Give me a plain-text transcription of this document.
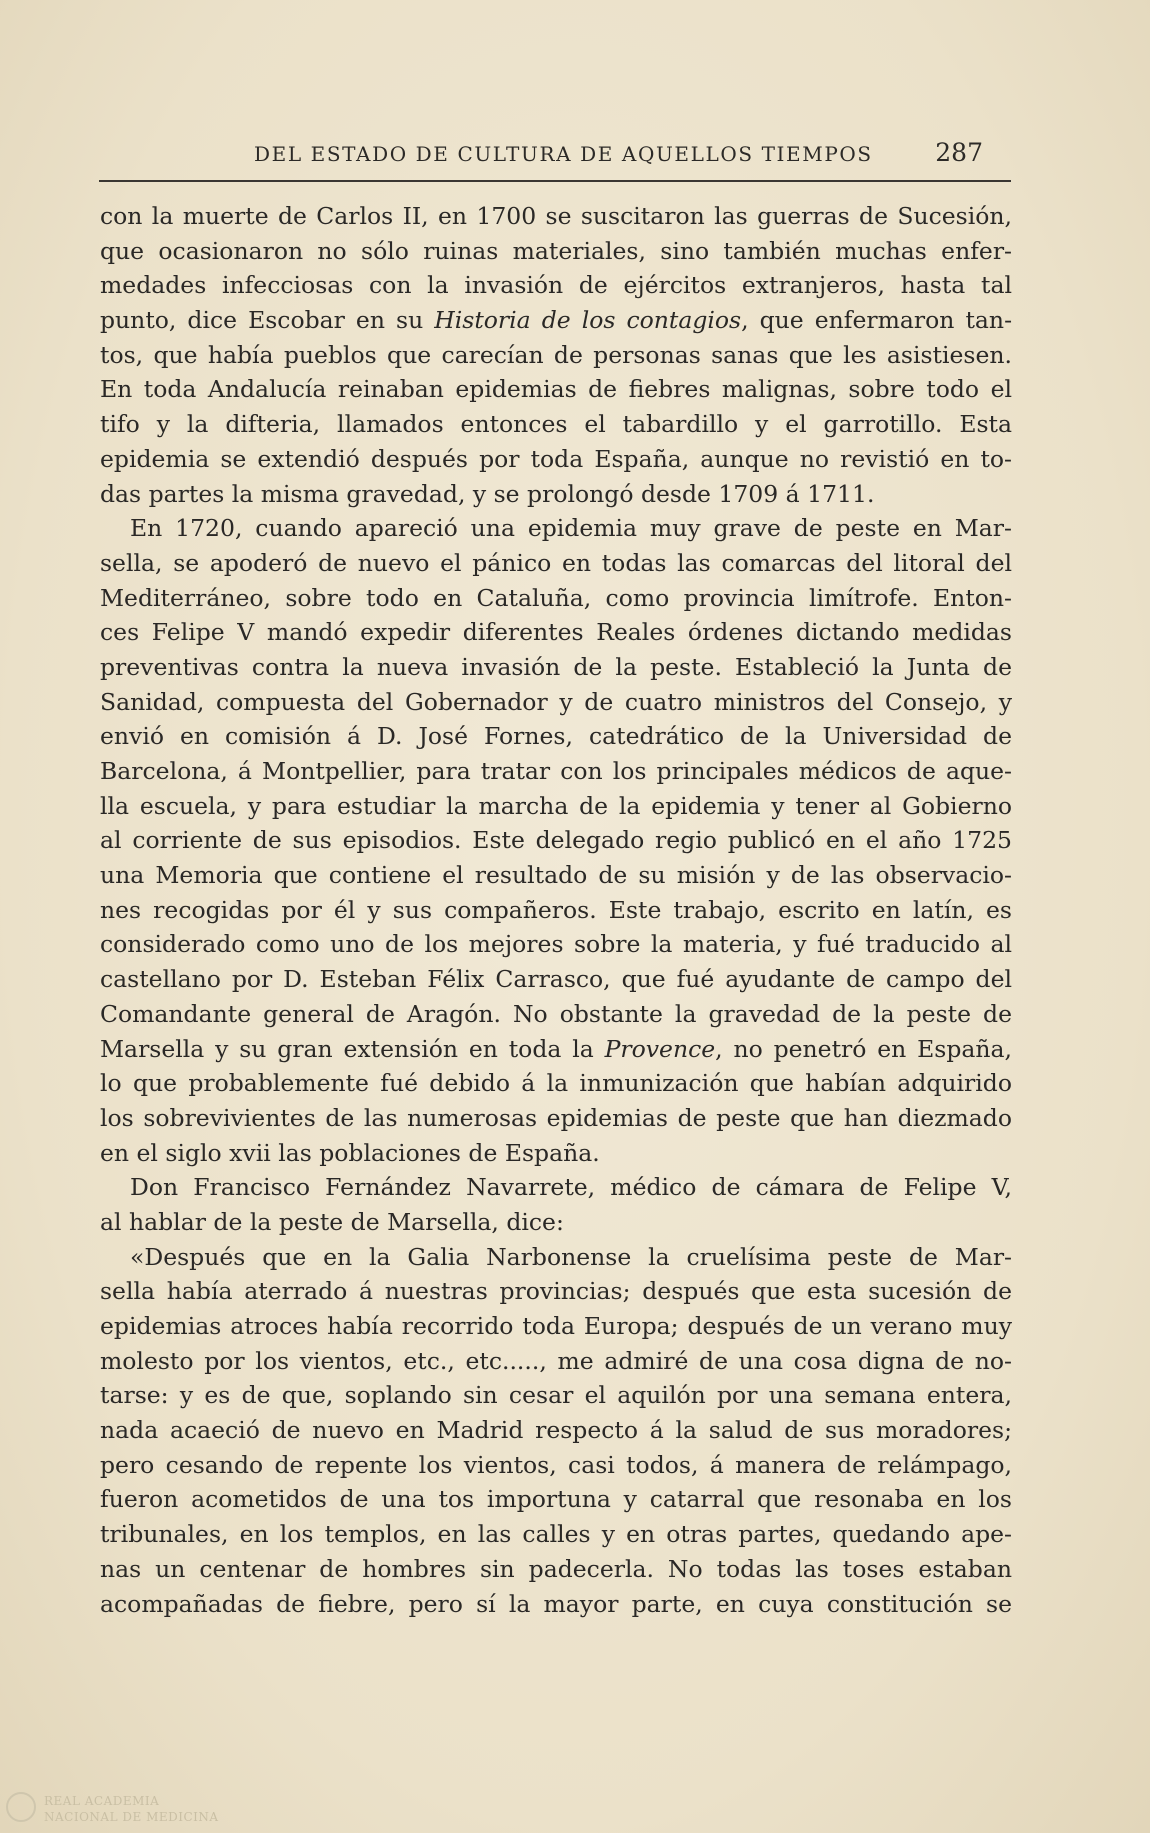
DEL ESTADO DE CULTURA DE AQUELLOS TIEMPOS	287
con la muerte de Carlos II, en 1700 se suscitaron las guerras de Sucesión,
que ocasionaron no sólo ruinas materiales, sino también muchas enfer-
medades infecciosas con la invasión de ejércitos extranjeros, hasta tal
punto, dice Escobar en su Historia de los contagios, que enfermaron tan-
tos, que había pueblos que carecían de personas sanas que les asistiesen.
En toda Andalucía reinaban epidemias de fiebres malignas, sobre todo el
tifo y la difteria, llamados entonces el tabardillo y el garrotillo. Esta
epidemia se extendió después por toda España, aunque no revistió en to-
das partes la misma gravedad, y se prolongó desde 1709 á 1711.
En 1720, cuando apareció una epidemia muy grave de peste en Mar-
sella, se apoderó de nuevo el pánico en todas las comarcas del litoral del
Mediterráneo, sobre todo en Cataluña, como provincia limítrofe. Enton-
ces Felipe V mandó expedir diferentes Reales órdenes dictando medidas
preventivas contra la nueva invasión de la peste. Estableció la Junta de
Sanidad, compuesta del Gobernador y de cuatro ministros del Consejo, y
envió en comisión á D. José Fornes, catedrático de la Universidad de
Barcelona, á Montpellier, para tratar con los principales médicos de aque-
lla escuela, y para estudiar la marcha de la epidemia y tener al Gobierno
al corriente de sus episodios. Este delegado regio publicó en el año 1725
una Memoria que contiene el resultado de su misión y de las observacio-
nes recogidas por él y sus compañeros. Este trabajo, escrito en latín, es
considerado como uno de los mejores sobre la materia, y fué traducido al
castellano por D. Esteban Félix Carrasco, que fué ayudante de campo del
Comandante general de Aragón. No obstante la gravedad de la peste de
Marsella y su gran extensión en toda la Provence, no penetró en España,
lo que probablemente fué debido á la inmunización que habían adquirido
los sobrevivientes de las numerosas epidemias de peste que han diezmado
en el siglo xvii las poblaciones de España.
Don Francisco Fernández Navarrete, médico de cámara de Felipe V,
al hablar de la peste de Marsella, dice:
«Después que en la Galia Narbonense la cruelísima peste de Mar-
sella había aterrado á nuestras provincias; después que esta sucesión de
epidemias atroces había recorrido toda Europa; después de un verano muy
molesto por los vientos, etc., etc....., me admiré de una cosa digna de no-
tarse: y es de que, soplando sin cesar el aquilón por una semana entera,
nada acaeció de nuevo en Madrid respecto á la salud de sus moradores;
pero cesando de repente los vientos, casi todos, á manera de relámpago,
fueron acometidos de una tos importuna y catarral que resonaba en los
tribunales, en los templos, en las calles y en otras partes, quedando ape-
nas un centenar de hombres sin padecerla. No todas las toses estaban
acompañadas de fiebre, pero sí la mayor parte, en cuya constitución se
REAL ACADEMIA
NACIONAL DE MEDICINA
